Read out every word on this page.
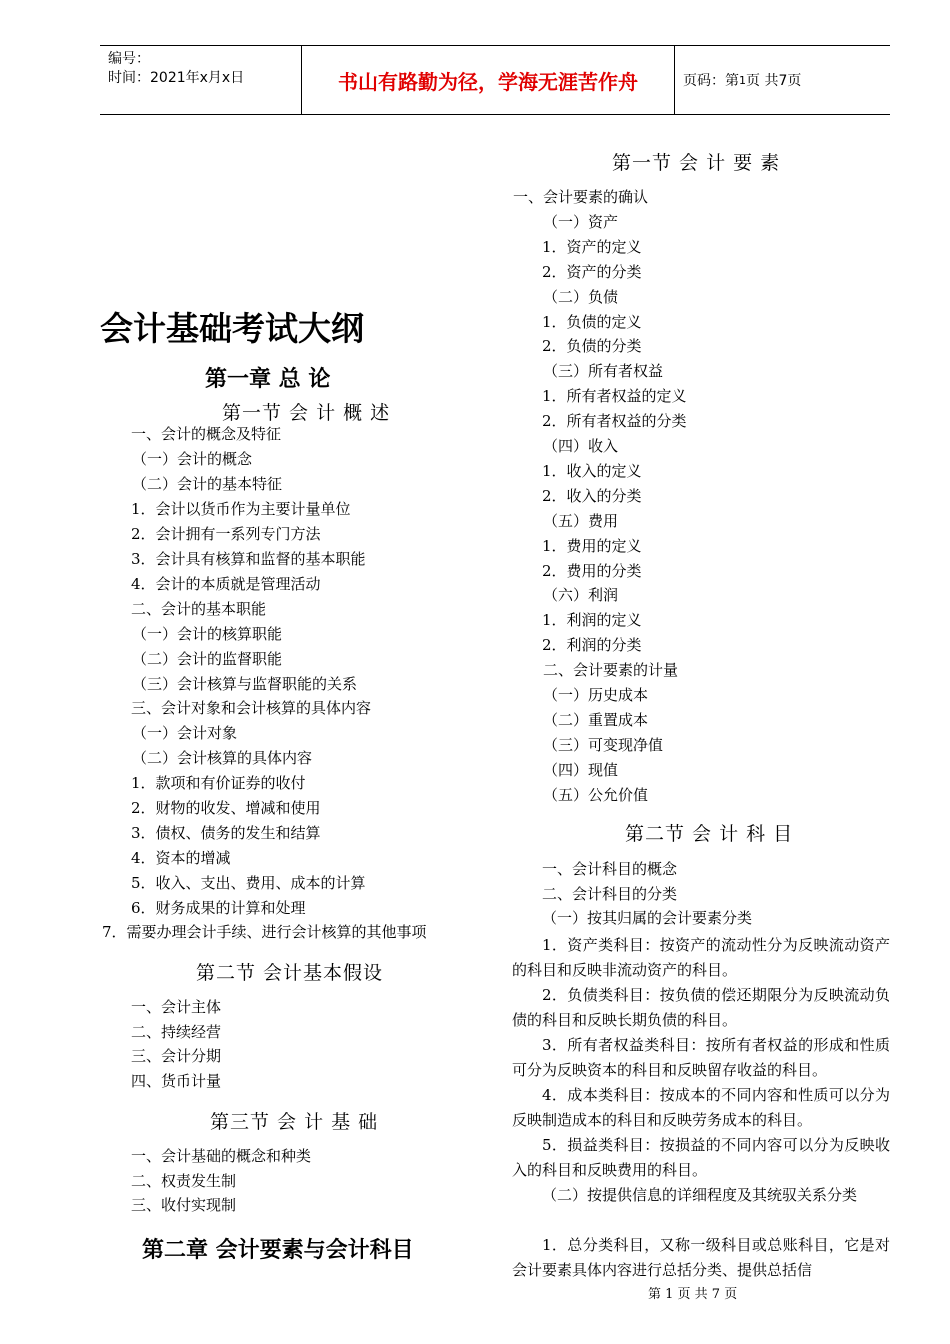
编号：
时间：2021年x月x日	书山有路勤为径，学海无涯苦作舟	页码：第 1 页 共7页
会计基础考试大纲
第一章 总 论
第一节 会 计 概 述
一、会计的概念及特征
（一）会计的概念
（二）会计的基本特征
1．会计以货币作为主要计量单位
2．会计拥有一系列专门方法
3．会计具有核算和监督的基本职能
4．会计的本质就是管理活动
二、会计的基本职能
（一）会计的核算职能
（二）会计的监督职能
（三）会计核算与监督职能的关系
三、会计对象和会计核算的具体内容
（一）会计对象
（二）会计核算的具体内容
1．款项和有价证券的收付
2．财物的收发、增减和使用
3．债权、债务的发生和结算
4．资本的增减
5．收入、支出、费用、成本的计算
6．财务成果的计算和处理
7．需要办理会计手续、进行会计核算的其他事项
第二节 会计基本假设
一、会计主体
二、持续经营
三、会计分期
四、货币计量
第三节 会 计 基 础
一、会计基础的概念和种类
二、权责发生制
三、收付实现制
第二章 会计要素与会计科目
第一节 会 计 要 素
一、会计要素的确认
（一）资产
1．资产的定义
2．资产的分类
（二）负债
1．负债的定义
2．负债的分类
（三）所有者权益
1．所有者权益的定义
2．所有者权益的分类
（四）收入
1．收入的定义
2．收入的分类
（五）费用
1．费用的定义
2．费用的分类
（六）利润
1．利润的定义
2．利润的分类
二、会计要素的计量
（一）历史成本
（二）重置成本
（三）可变现净值
（四）现值
（五）公允价值
第二节 会 计 科 目
一、会计科目的概念
二、会计科目的分类
（一）按其归属的会计要素分类
1．资产类科目：按资产的流动性分为反映流动资产的科目和反映非流动资产的科目。
2．负债类科目：按负债的偿还期限分为反映流动负债的科目和反映长期负债的科目。
3．所有者权益类科目：按所有者权益的形成和性质可分为反映资本的科目和反映留存收益的科目。
4．成本类科目：按成本的不同内容和性质可以分为反映制造成本的科目和反映劳务成本的科目。
5．损益类科目：按损益的不同内容可以分为反映收入的科目和反映费用的科目。
（二）按提供信息的详细程度及其统驭关系分类
1．总分类科目，又称一级科目或总账科目，它是对会计要素具体内容进行总括分类、提供总括信
第 1 页 共 7 页
